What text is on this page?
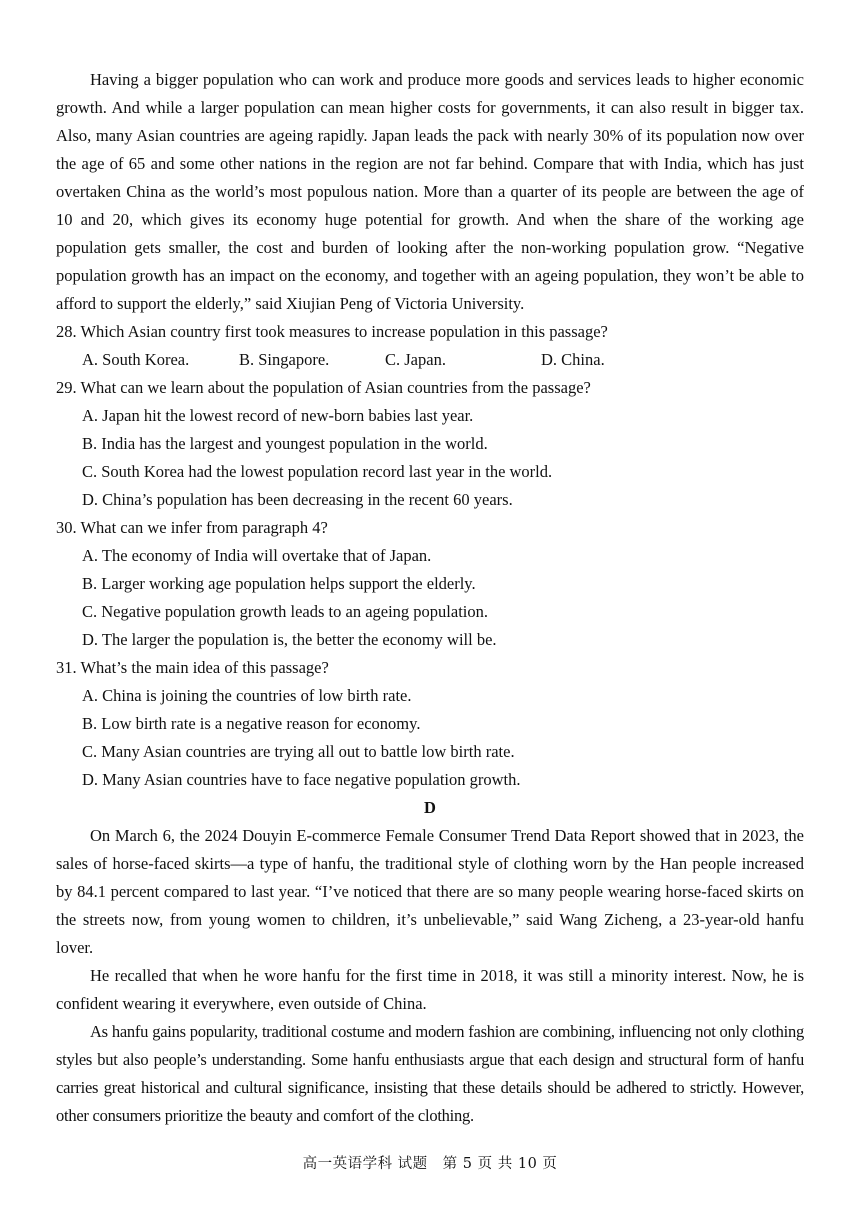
Having a bigger population who can work and produce more goods and services leads to higher economic growth. And while a larger population can mean higher costs for governments, it can also result in bigger tax. Also, many Asian countries are ageing rapidly. Japan leads the pack with nearly 30% of its population now over the age of 65 and some other nations in the region are not far behind. Compare that with India, which has just overtaken China as the world’s most populous nation. More than a quarter of its people are between the age of 10 and 20, which gives its economy huge potential for growth. And when the share of the working age population gets smaller, the cost and burden of looking after the non-working population grow. “Negative population growth has an impact on the economy, and together with an ageing population, they won’t be able to afford to support the elderly,” said Xiujian Peng of Victoria University.

28. Which Asian country first took measures to increase population in this passage?

A. South Korea.	B. Singapore.	C. Japan.	D. China.

29. What can we learn about the population of Asian countries from the passage?

A. Japan hit the lowest record of new-born babies last year.

B. India has the largest and youngest population in the world.

C. South Korea had the lowest population record last year in the world.

D. China’s population has been decreasing in the recent 60 years.

30. What can we infer from paragraph 4?

A. The economy of India will overtake that of Japan.

B. Larger working age population helps support the elderly.

C. Negative population growth leads to an ageing population.

D. The larger the population is, the better the economy will be.

31. What’s the main idea of this passage?

A. China is joining the countries of low birth rate.

B. Low birth rate is a negative reason for economy.

C. Many Asian countries are trying all out to battle low birth rate.

D. Many Asian countries have to face negative population growth.

D

On March 6, the 2024 Douyin E-commerce Female Consumer Trend Data Report showed that in 2023, the sales of horse-faced skirts—a type of hanfu, the traditional style of clothing worn by the Han people increased by 84.1 percent compared to last year. “I’ve noticed that there are so many people wearing horse-faced skirts on the streets now, from young women to children, it’s unbelievable,” said Wang Zicheng, a 23-year-old hanfu lover.

He recalled that when he wore hanfu for the first time in 2018, it was still a minority interest. Now, he is confident wearing it everywhere, even outside of China.

As hanfu gains popularity, traditional costume and modern fashion are combining, influencing not only clothing styles but also people’s understanding. Some hanfu enthusiasts argue that each design and structural form of hanfu carries great historical and cultural significance, insisting that these details should be adhered to strictly. However, other consumers prioritize the beauty and comfort of the clothing.

高一英语学科 试题　第 5 页 共 10 页
